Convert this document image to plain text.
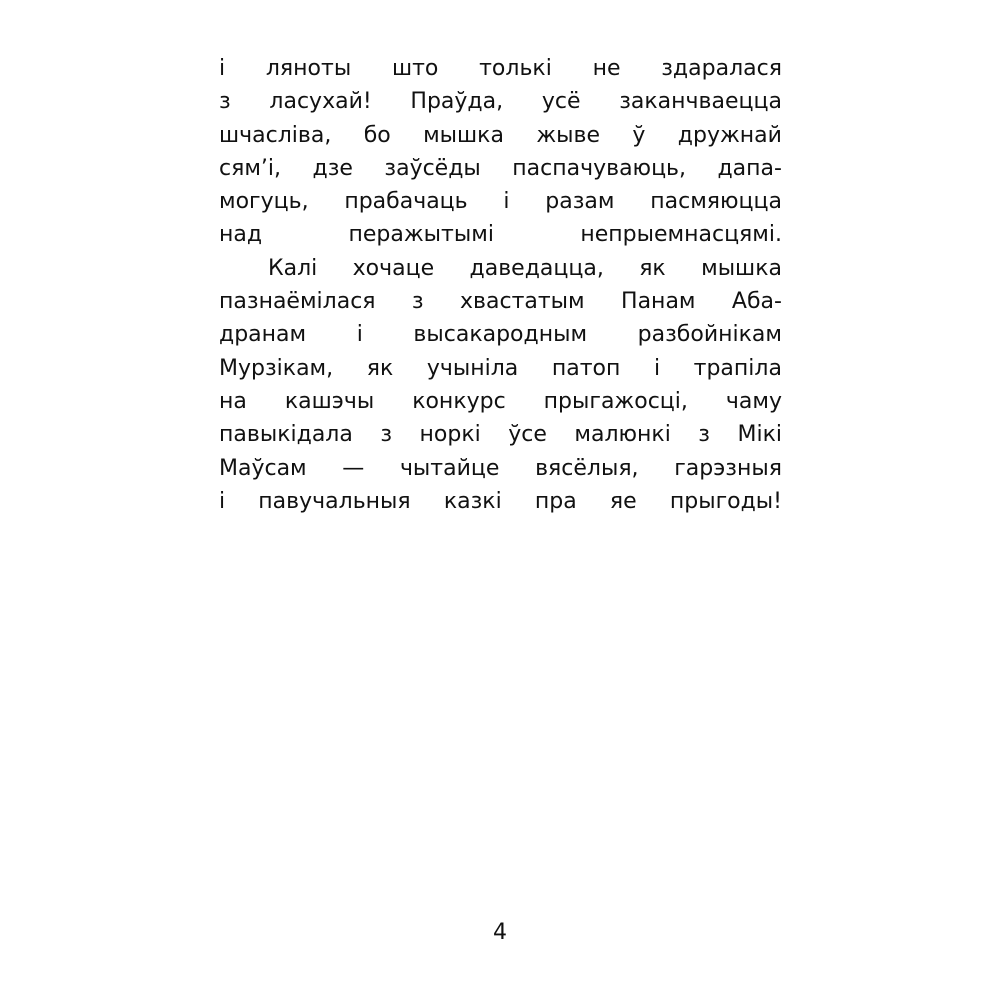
і ляноты што толькі не здаралася
з ласухай! Праўда, усё заканчваецца
шчасліва, бо мышка жыве ў дружнай
сям’і, дзе заўсёды паспачуваюць, дапа-
могуць, прабачаць і разам пасмяюцца
над	перажытымі	непрыемнасцямі.
Калі хочаце даведацца, як мышка
пазнаёмілася з хвастатым Панам Аба-
дранам і высакародным разбойнікам
Мурзікам, як учыніла патоп і трапіла
на кашэчы конкурс прыгажосці, чаму
павыкідала з норкі ўсе малюнкі з Мікі
Маўсам — чытайце вясёлыя, гарэзныя
і павучальныя казкі пра яе прыгоды!
4
